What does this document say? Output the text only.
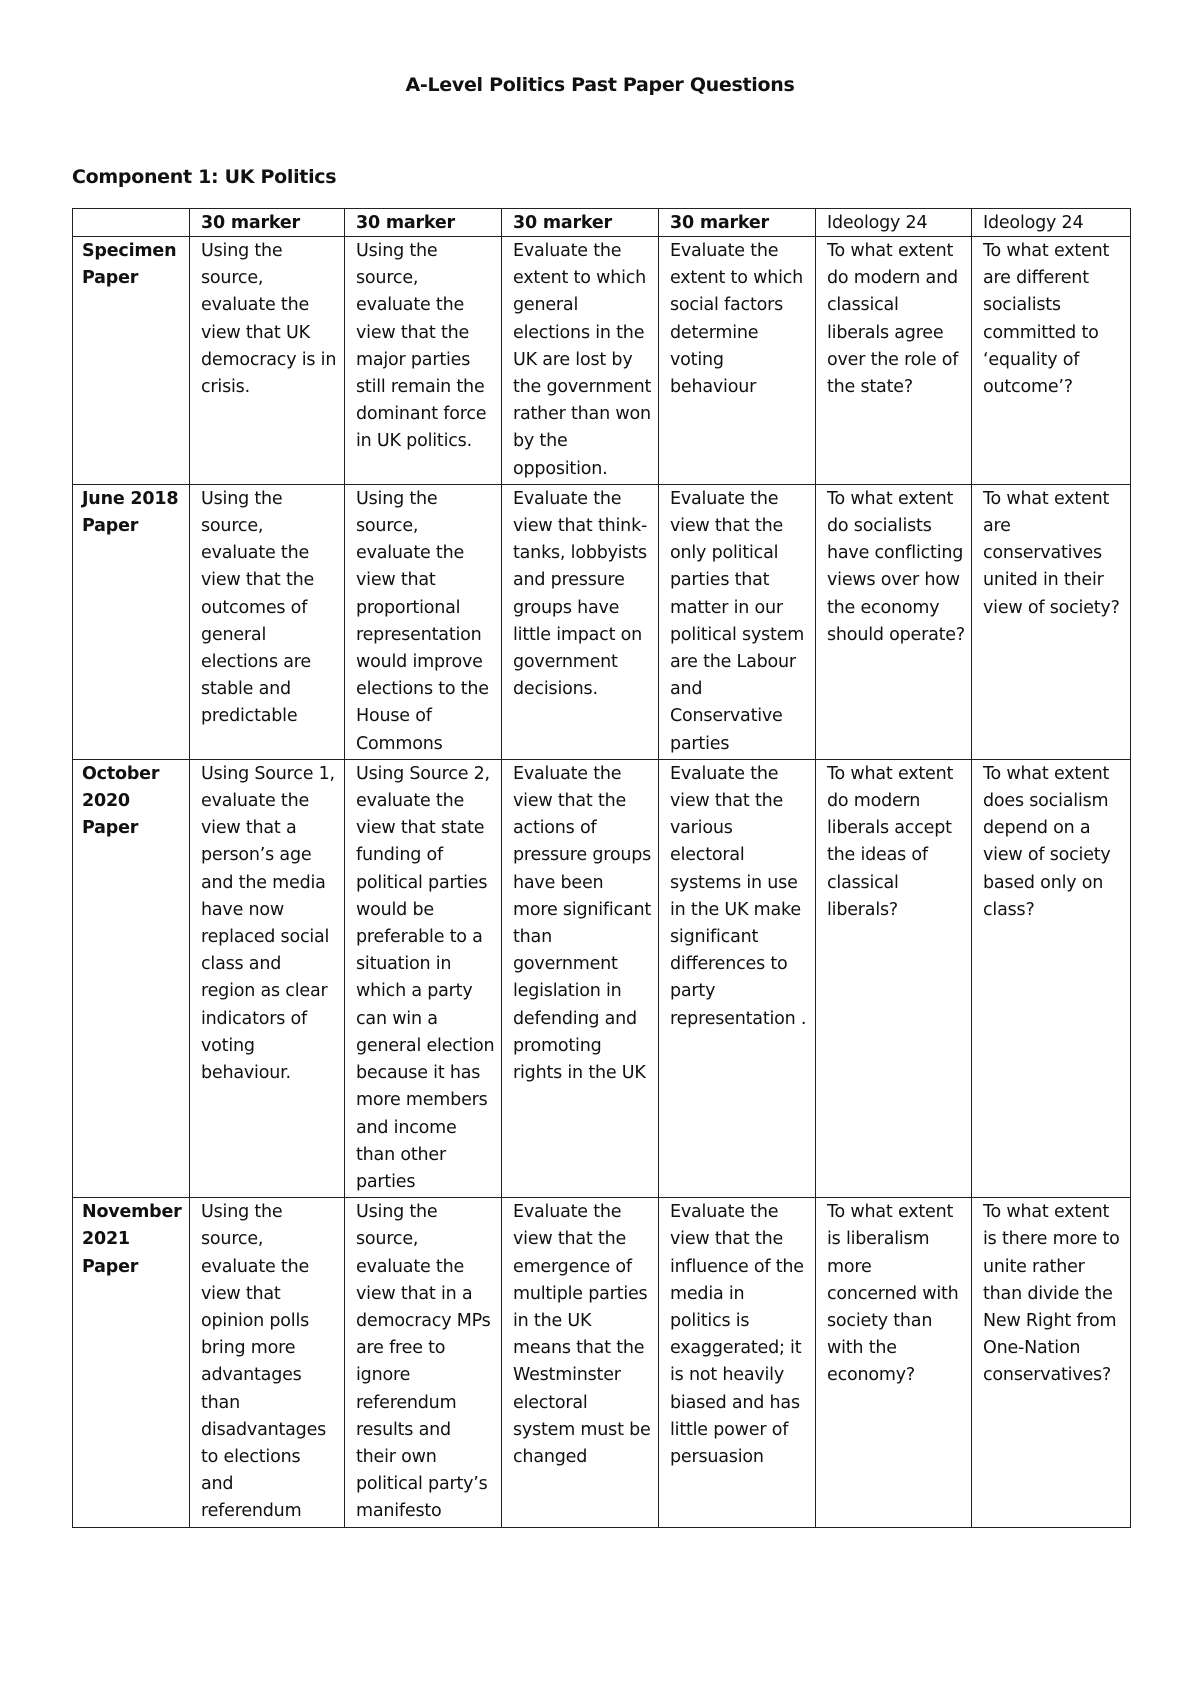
A-Level Politics Past Paper Questions
Component 1: UK Politics
	30 marker	30 marker	30 marker	30 marker	Ideology 24	Ideology 24
Specimen Paper	Using the source, evaluate the view that UK democracy is in crisis.	Using the source, evaluate the view that the major parties still remain the dominant force in UK politics.	Evaluate the extent to which general elections in the UK are lost by the government rather than won by the opposition.	Evaluate the extent to which social factors determine voting behaviour	To what extent do modern and classical liberals agree over the role of the state?	To what extent are different socialists committed to ‘equality of outcome’?
June 2018 Paper	Using the source, evaluate the view that the outcomes of general elections are stable and predictable	Using the source, evaluate the view that proportional representation would improve elections to the House of Commons	Evaluate the view that think-tanks, lobbyists and pressure groups have little impact on government decisions.	Evaluate the view that the only political parties that matter in our political system are the Labour and Conservative parties	To what extent do socialists have conflicting views over how the economy should operate?	To what extent are conservatives united in their view of society?
October 2020 Paper	Using Source 1, evaluate the view that a person’s age and the media have now replaced social class and region as clear indicators of voting behaviour.	Using Source 2, evaluate the view that state funding of political parties would be preferable to a situation in which a party can win a general election because it has more members and income than other parties	Evaluate the view that the actions of pressure groups have been more significant than government legislation in defending and promoting rights in the UK	Evaluate the view that the various electoral systems in use in the UK make significant differences to party representation .	To what extent do modern liberals accept the ideas of classical liberals?	To what extent does socialism depend on a view of society based only on class?
November 2021 Paper	Using the source, evaluate the view that opinion polls bring more advantages than disadvantages to elections and referendum	Using the source, evaluate the view that in a democracy MPs are free to ignore referendum results and their own political party’s manifesto	Evaluate the view that the emergence of multiple parties in the UK means that the Westminster electoral system must be changed	Evaluate the view that the influence of the media in politics is exaggerated; it is not heavily biased and has little power of persuasion	To what extent is liberalism more concerned with society than with the economy?	To what extent is there more to unite rather than divide the New Right from One-Nation conservatives?
